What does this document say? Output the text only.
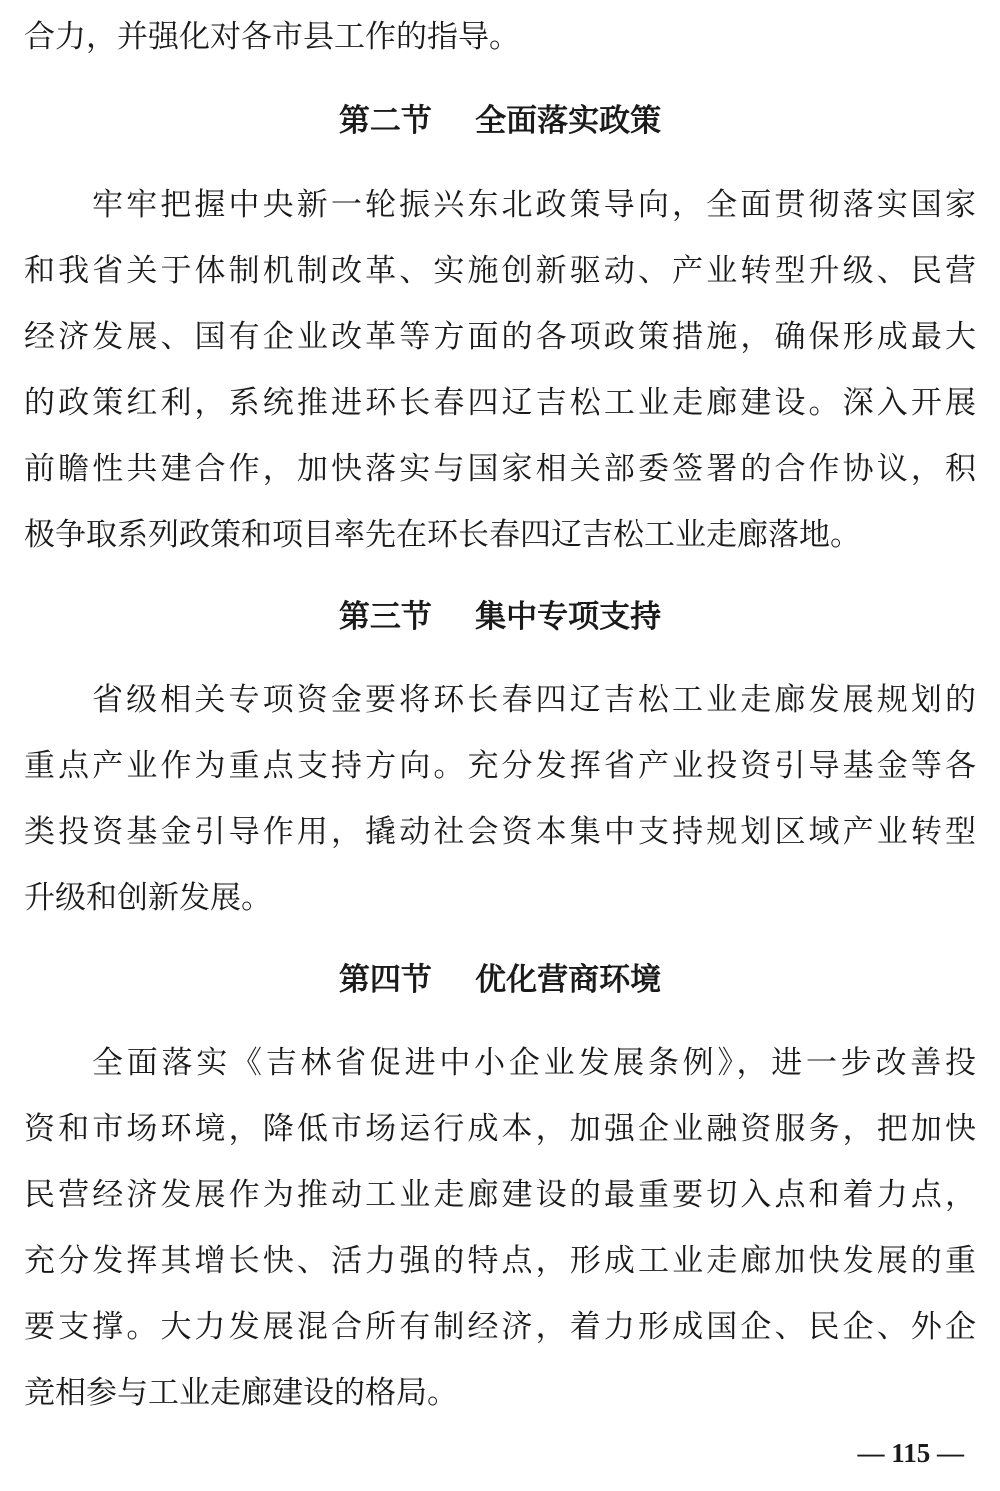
合力，并强化对各市县工作的指导。
第二节    全面落实政策
牢牢把握中央新一轮振兴东北政策导向，全面贯彻落实国家
和我省关于体制机制改革、实施创新驱动、产业转型升级、民营
经济发展、国有企业改革等方面的各项政策措施，确保形成最大
的政策红利，系统推进环长春四辽吉松工业走廊建设。深入开展
前瞻性共建合作，加快落实与国家相关部委签署的合作协议，积
极争取系列政策和项目率先在环长春四辽吉松工业走廊落地。
第三节    集中专项支持
省级相关专项资金要将环长春四辽吉松工业走廊发展规划的
重点产业作为重点支持方向。充分发挥省产业投资引导基金等各
类投资基金引导作用，撬动社会资本集中支持规划区域产业转型
升级和创新发展。
第四节    优化营商环境
全面落实《吉林省促进中小企业发展条例》，进一步改善投
资和市场环境，降低市场运行成本，加强企业融资服务，把加快
民营经济发展作为推动工业走廊建设的最重要切入点和着力点，
充分发挥其增长快、活力强的特点，形成工业走廊加快发展的重
要支撑。大力发展混合所有制经济，着力形成国企、民企、外企
竞相参与工业走廊建设的格局。
— 115 —
